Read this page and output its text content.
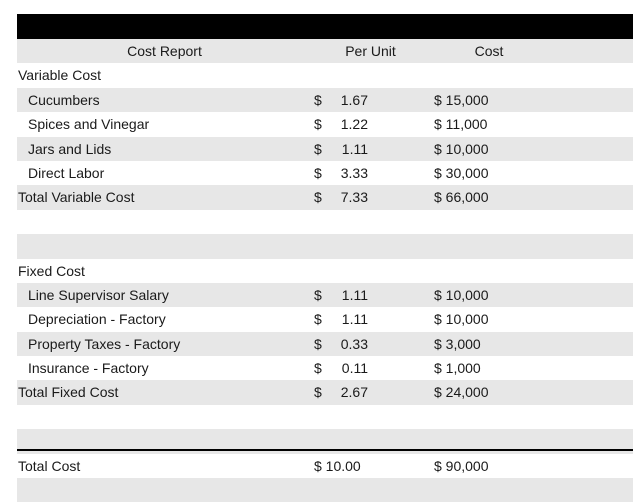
Cost Report	Per Unit	Cost
Variable Cost
Cucumbers	$	1.67	$ 15,000
Spices and Vinegar	$	1.22	$ 11,000
Jars and Lids	$	1.11	$ 10,000
Direct Labor	$	3.33	$ 30,000
Total Variable Cost	$	7.33	$ 66,000
Fixed Cost
Line Supervisor Salary	$	1.11	$ 10,000
Depreciation - Factory	$	1.11	$ 10,000
Property Taxes - Factory	$	0.33	$ 3,000
Insurance - Factory	$	0.11	$ 1,000
Total Fixed Cost	$	2.67	$ 24,000
Total Cost	$ 10.00	$ 90,000
